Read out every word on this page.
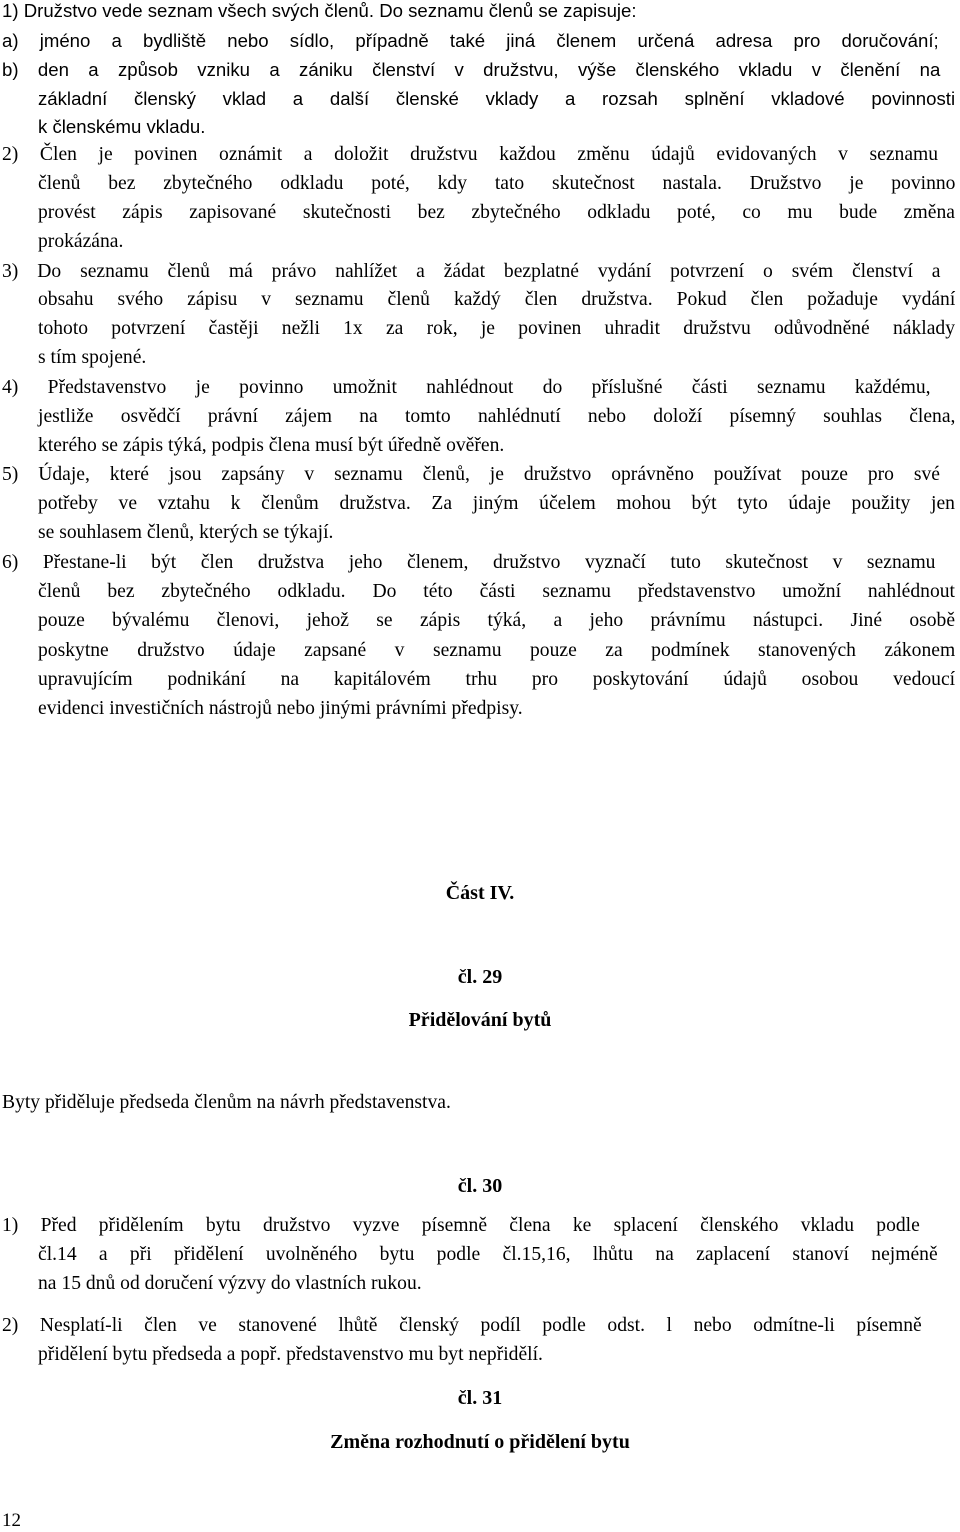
1) Družstvo vede seznam všech svých členů. Do seznamu členů se zapisuje:
a) jméno a bydliště nebo sídlo, případně také jiná členem určená adresa pro doručování;
b) den a způsob vzniku a zániku členství v družstvu, výše členského vkladu v členění na
základní členský vklad a další členské vklady a rozsah splnění vkladové povinnosti
k členskému vkladu.
2) Člen je povinen oznámit a doložit družstvu každou změnu údajů evidovaných v seznamu
členů bez zbytečného odkladu poté, kdy tato skutečnost nastala. Družstvo je povinno
provést zápis zapisované skutečnosti bez zbytečného odkladu poté, co mu bude změna
prokázána.
3) Do seznamu členů má právo nahlížet a žádat bezplatné vydání potvrzení o svém členství a
obsahu svého zápisu v seznamu členů každý člen družstva. Pokud člen požaduje vydání
tohoto potvrzení častěji nežli 1x za rok, je povinen uhradit družstvu odůvodněné náklady
s tím spojené.
4) Představenstvo je povinno umožnit nahlédnout do příslušné části seznamu každému,
jestliže osvědčí právní zájem na tomto nahlédnutí nebo doloží písemný souhlas člena,
kterého se zápis týká, podpis člena musí být úředně ověřen.
5) Údaje, které jsou zapsány v seznamu členů, je družstvo oprávněno používat pouze pro své
potřeby ve vztahu k členům družstva. Za jiným účelem mohou být tyto údaje použity jen
se souhlasem členů, kterých se týkají.
6) Přestane-li být člen družstva jeho členem, družstvo vyznačí tuto skutečnost v seznamu
členů bez zbytečného odkladu. Do této části seznamu představenstvo umožní nahlédnout
pouze bývalému členovi, jehož se zápis týká, a jeho právnímu nástupci. Jiné osobě
poskytne družstvo údaje zapsané v seznamu pouze za podmínek stanovených zákonem
upravujícím podnikání na kapitálovém trhu pro poskytování údajů osobou vedoucí
evidenci investičních nástrojů nebo jinými právními předpisy.
Část IV.
čl. 29
Přidělování bytů
Byty přiděluje předseda členům na návrh představenstva.
čl. 30
1) Před přidělením bytu družstvo vyzve písemně člena ke splacení členského vkladu podle
čl.14 a při přidělení uvolněného bytu podle čl.15,16, lhůtu na zaplacení stanoví nejméně
na 15 dnů od doručení výzvy do vlastních rukou.
2) Nesplatí-li člen ve stanovené lhůtě členský podíl podle odst. l nebo odmítne-li písemně
přidělení bytu předseda a popř. představenstvo mu byt nepřidělí.
čl. 31
Změna rozhodnutí o přidělení bytu
12
